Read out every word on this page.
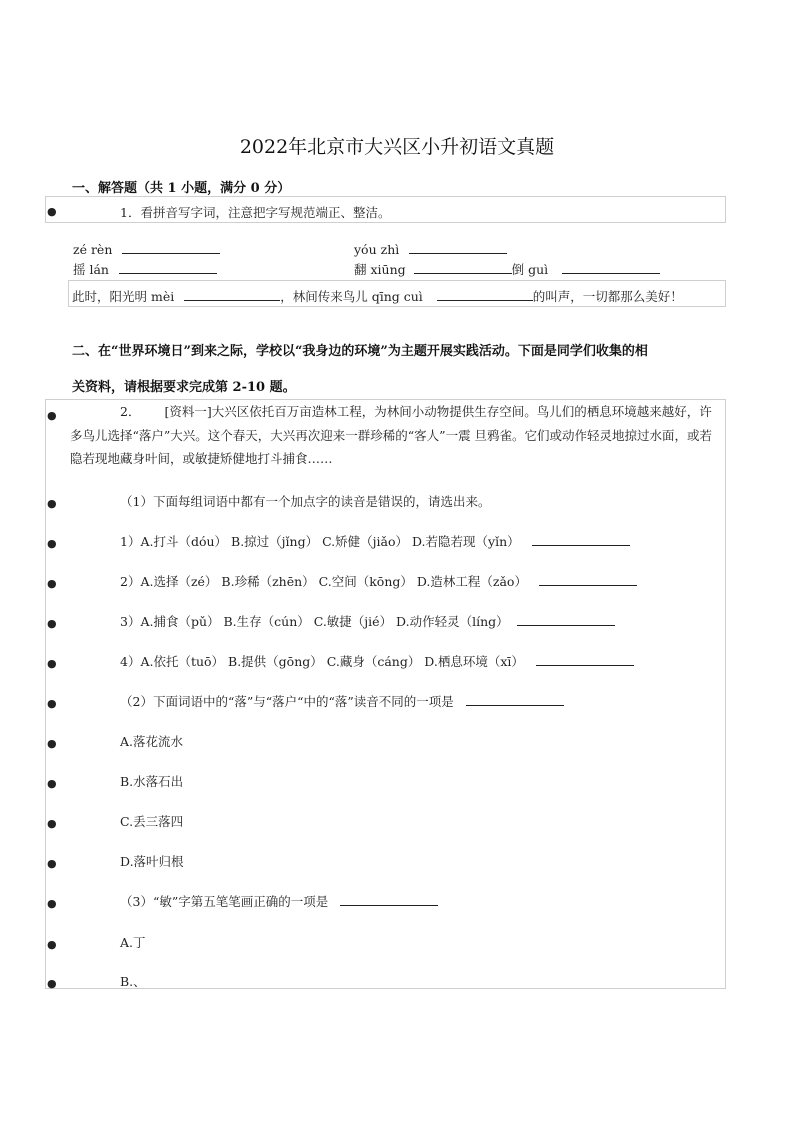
2022年北京市大兴区小升初语文真题
一、解答题（共 1 小题，满分 0 分）
●	1．看拼音写字词，注意把字写规范端正、整洁。
zé rèn	yóu zhì
摇 lán	翻 xiūng	倒 guì
此时，阳光明 mèi	，林间传来鸟儿 qīng cuì	的叫声，一切都那么美好！
二、在“世界环境日”到来之际，学校以“我身边的环境”为主题开展实践活动。下面是同学们收集的相
关资料，请根据要求完成第 2-10 题。
●	2． [资料一]大兴区依托百万亩造林工程，为林间小动物提供生存空间。鸟儿们的栖息环境越来越好，许多鸟儿选择“落户”大兴。这个春天，大兴再次迎来一群珍稀的“客人”一震 旦鸦雀。它们或动作轻灵地掠过水面，或若隐若现地藏身叶间，或敏捷矫健地打斗捕食……
●	（1）下面每组词语中都有一个加点字的读音是错误的，请选出来。
●	1）A.打斗（dóu） B.掠过（jǐng） C.矫健（jiǎo） D.若隐若现（yǐn）
●	2）A.选择（zé） B.珍稀（zhēn） C.空间（kōng） D.造林工程（zǎo）
●	3）A.捕食（pǔ） B.生存（cún） C.敏捷（jié） D.动作轻灵（líng）
●	4）A.依托（tuō） B.提供（gōng） C.藏身（cáng） D.栖息环境（xī）
●	（2）下面词语中的“落”与“落户“中的“落”读音不同的一项是
●	A.落花流水
●	B.水落石出
●	C.丢三落四
●	D.落叶归根
●	（3）“敏”字第五笔笔画正确的一项是
●	A.丁
●	B.、
